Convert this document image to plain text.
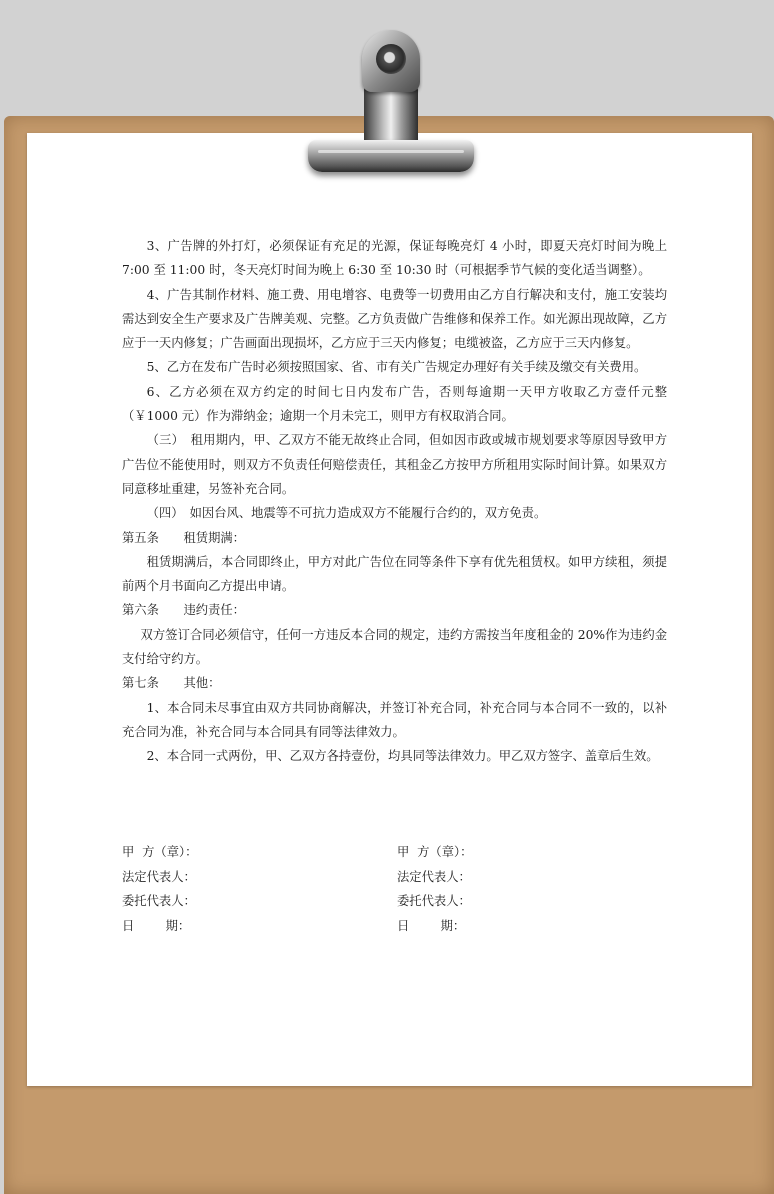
3、广告牌的外打灯，必须保证有充足的光源，保证每晚亮灯 4 小时，即夏天亮灯时间为晚上 7:00 至 11:00 时，冬天亮灯时间为晚上 6:30 至 10:30 时（可根据季节气候的变化适当调整）。

4、广告其制作材料、施工费、用电增容、电费等一切费用由乙方自行解决和支付，施工安装均需达到安全生产要求及广告牌美观、完整。乙方负责做广告维修和保养工作。如光源出现故障，乙方应于一天内修复；广告画面出现损坏，乙方应于三天内修复；电缆被盗，乙方应于三天内修复。

5、乙方在发布广告时必须按照国家、省、市有关广告规定办理好有关手续及缴交有关费用。

6、乙方必须在双方约定的时间七日内发布广告，否则每逾期一天甲方收取乙方壹仟元整（￥1000 元）作为滞纳金；逾期一个月未完工，则甲方有权取消合同。

（三）　租用期内，甲、乙双方不能无故终止合同，但如因市政或城市规划要求等原因导致甲方广告位不能使用时，则双方不负责任何赔偿责任，其租金乙方按甲方所租用实际时间计算。如果双方同意移址重建，另签补充合同。

（四）　如因台风、地震等不可抗力造成双方不能履行合约的，双方免责。

第五条　　租赁期满：

租赁期满后，本合同即终止，甲方对此广告位在同等条件下享有优先租赁权。如甲方续租，须提前两个月书面向乙方提出申请。

第六条　　违约责任：

双方签订合同必须信守，任何一方违反本合同的规定，违约方需按当年度租金的 20%作为违约金支付给守约方。

第七条　　其他：

1、本合同未尽事宜由双方共同协商解决，并签订补充合同，补充合同与本合同不一致的，以补充合同为准，补充合同与本合同具有同等法律效力。

2、本合同一式两份，甲、乙双方各持壹份，均具同等法律效力。甲乙双方签字、盖章后生效。

甲  方（章）：
法定代表人：
委托代表人：
日        期：
甲  方（章）：
法定代表人：
委托代表人：
日        期：
